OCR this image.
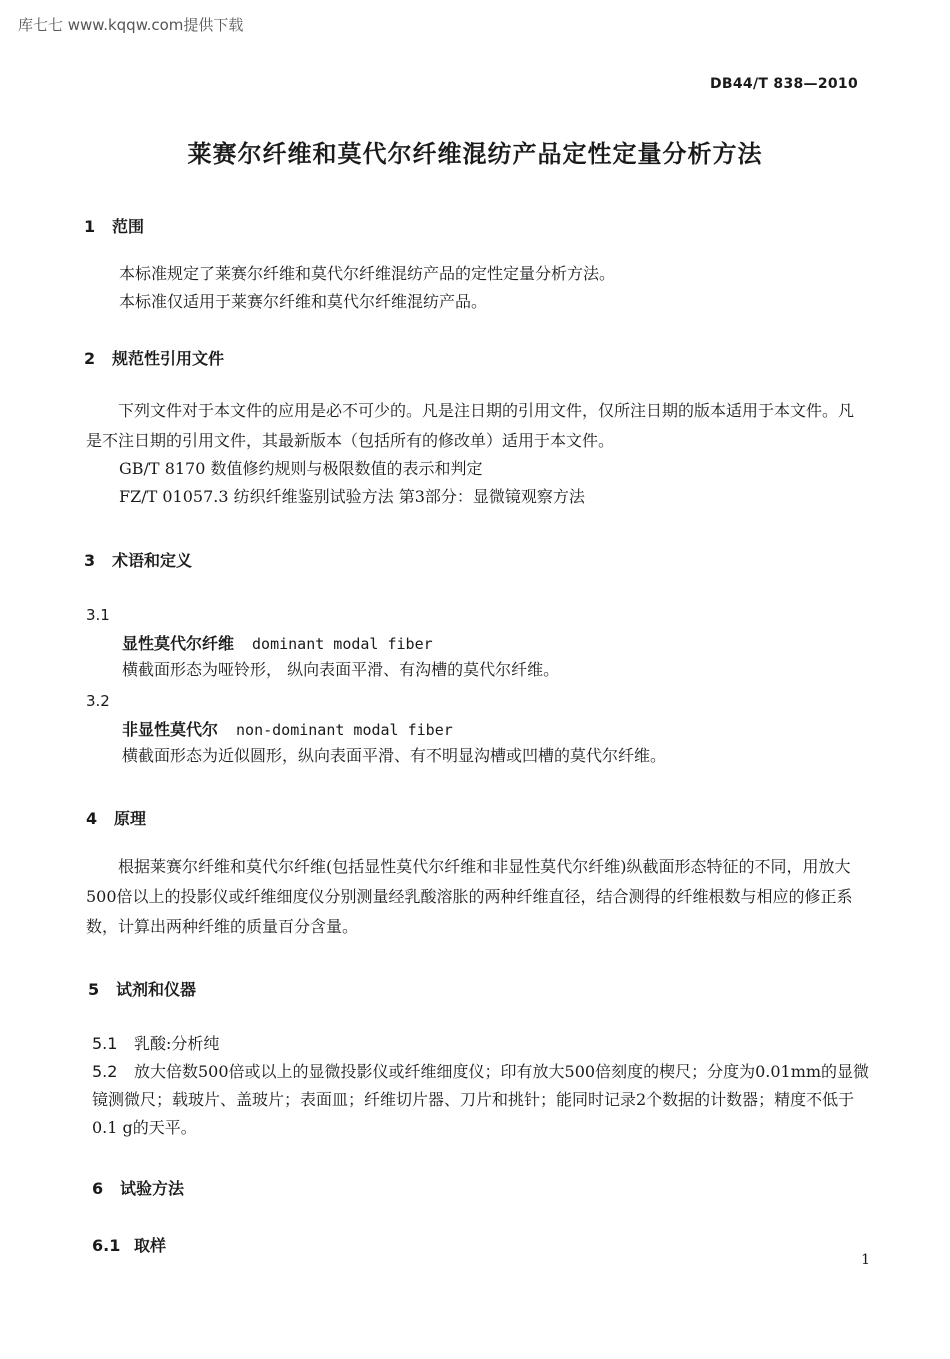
库七七 www.kqqw.com提供下载
DB44/T 838—2010
莱赛尔纤维和莫代尔纤维混纺产品定性定量分析方法
1 范围
本标准规定了莱赛尔纤维和莫代尔纤维混纺产品的定性定量分析方法。
本标准仅适用于莱赛尔纤维和莫代尔纤维混纺产品。
2 规范性引用文件
下列文件对于本文件的应用是必不可少的。凡是注日期的引用文件，仅所注日期的版本适用于本文件。凡是不注日期的引用文件，其最新版本（包括所有的修改单）适用于本文件。
GB/T 8170 数值修约规则与极限数值的表示和判定
FZ/T 01057.3 纺织纤维鉴别试验方法 第3部分：显微镜观察方法
3 术语和定义
3.1
显性莫代尔纤维 dominant modal fiber
横截面形态为哑铃形， 纵向表面平滑、有沟槽的莫代尔纤维。
3.2
非显性莫代尔 non-dominant modal fiber
横截面形态为近似圆形，纵向表面平滑、有不明显沟槽或凹槽的莫代尔纤维。
4 原理
根据莱赛尔纤维和莫代尔纤维(包括显性莫代尔纤维和非显性莫代尔纤维)纵截面形态特征的不同，用放大500倍以上的投影仪或纤维细度仪分别测量经乳酸溶胀的两种纤维直径，结合测得的纤维根数与相应的修正系数，计算出两种纤维的质量百分含量。
5 试剂和仪器
5.1 乳酸:分析纯
5.2 放大倍数500倍或以上的显微投影仪或纤维细度仪；印有放大500倍刻度的楔尺；分度为0.01mm的显微镜测微尺；载玻片、盖玻片；表面皿；纤维切片器、刀片和挑针；能同时记录2个数据的计数器；精度不低于0.1 g的天平。
6 试验方法
6.1 取样
1
